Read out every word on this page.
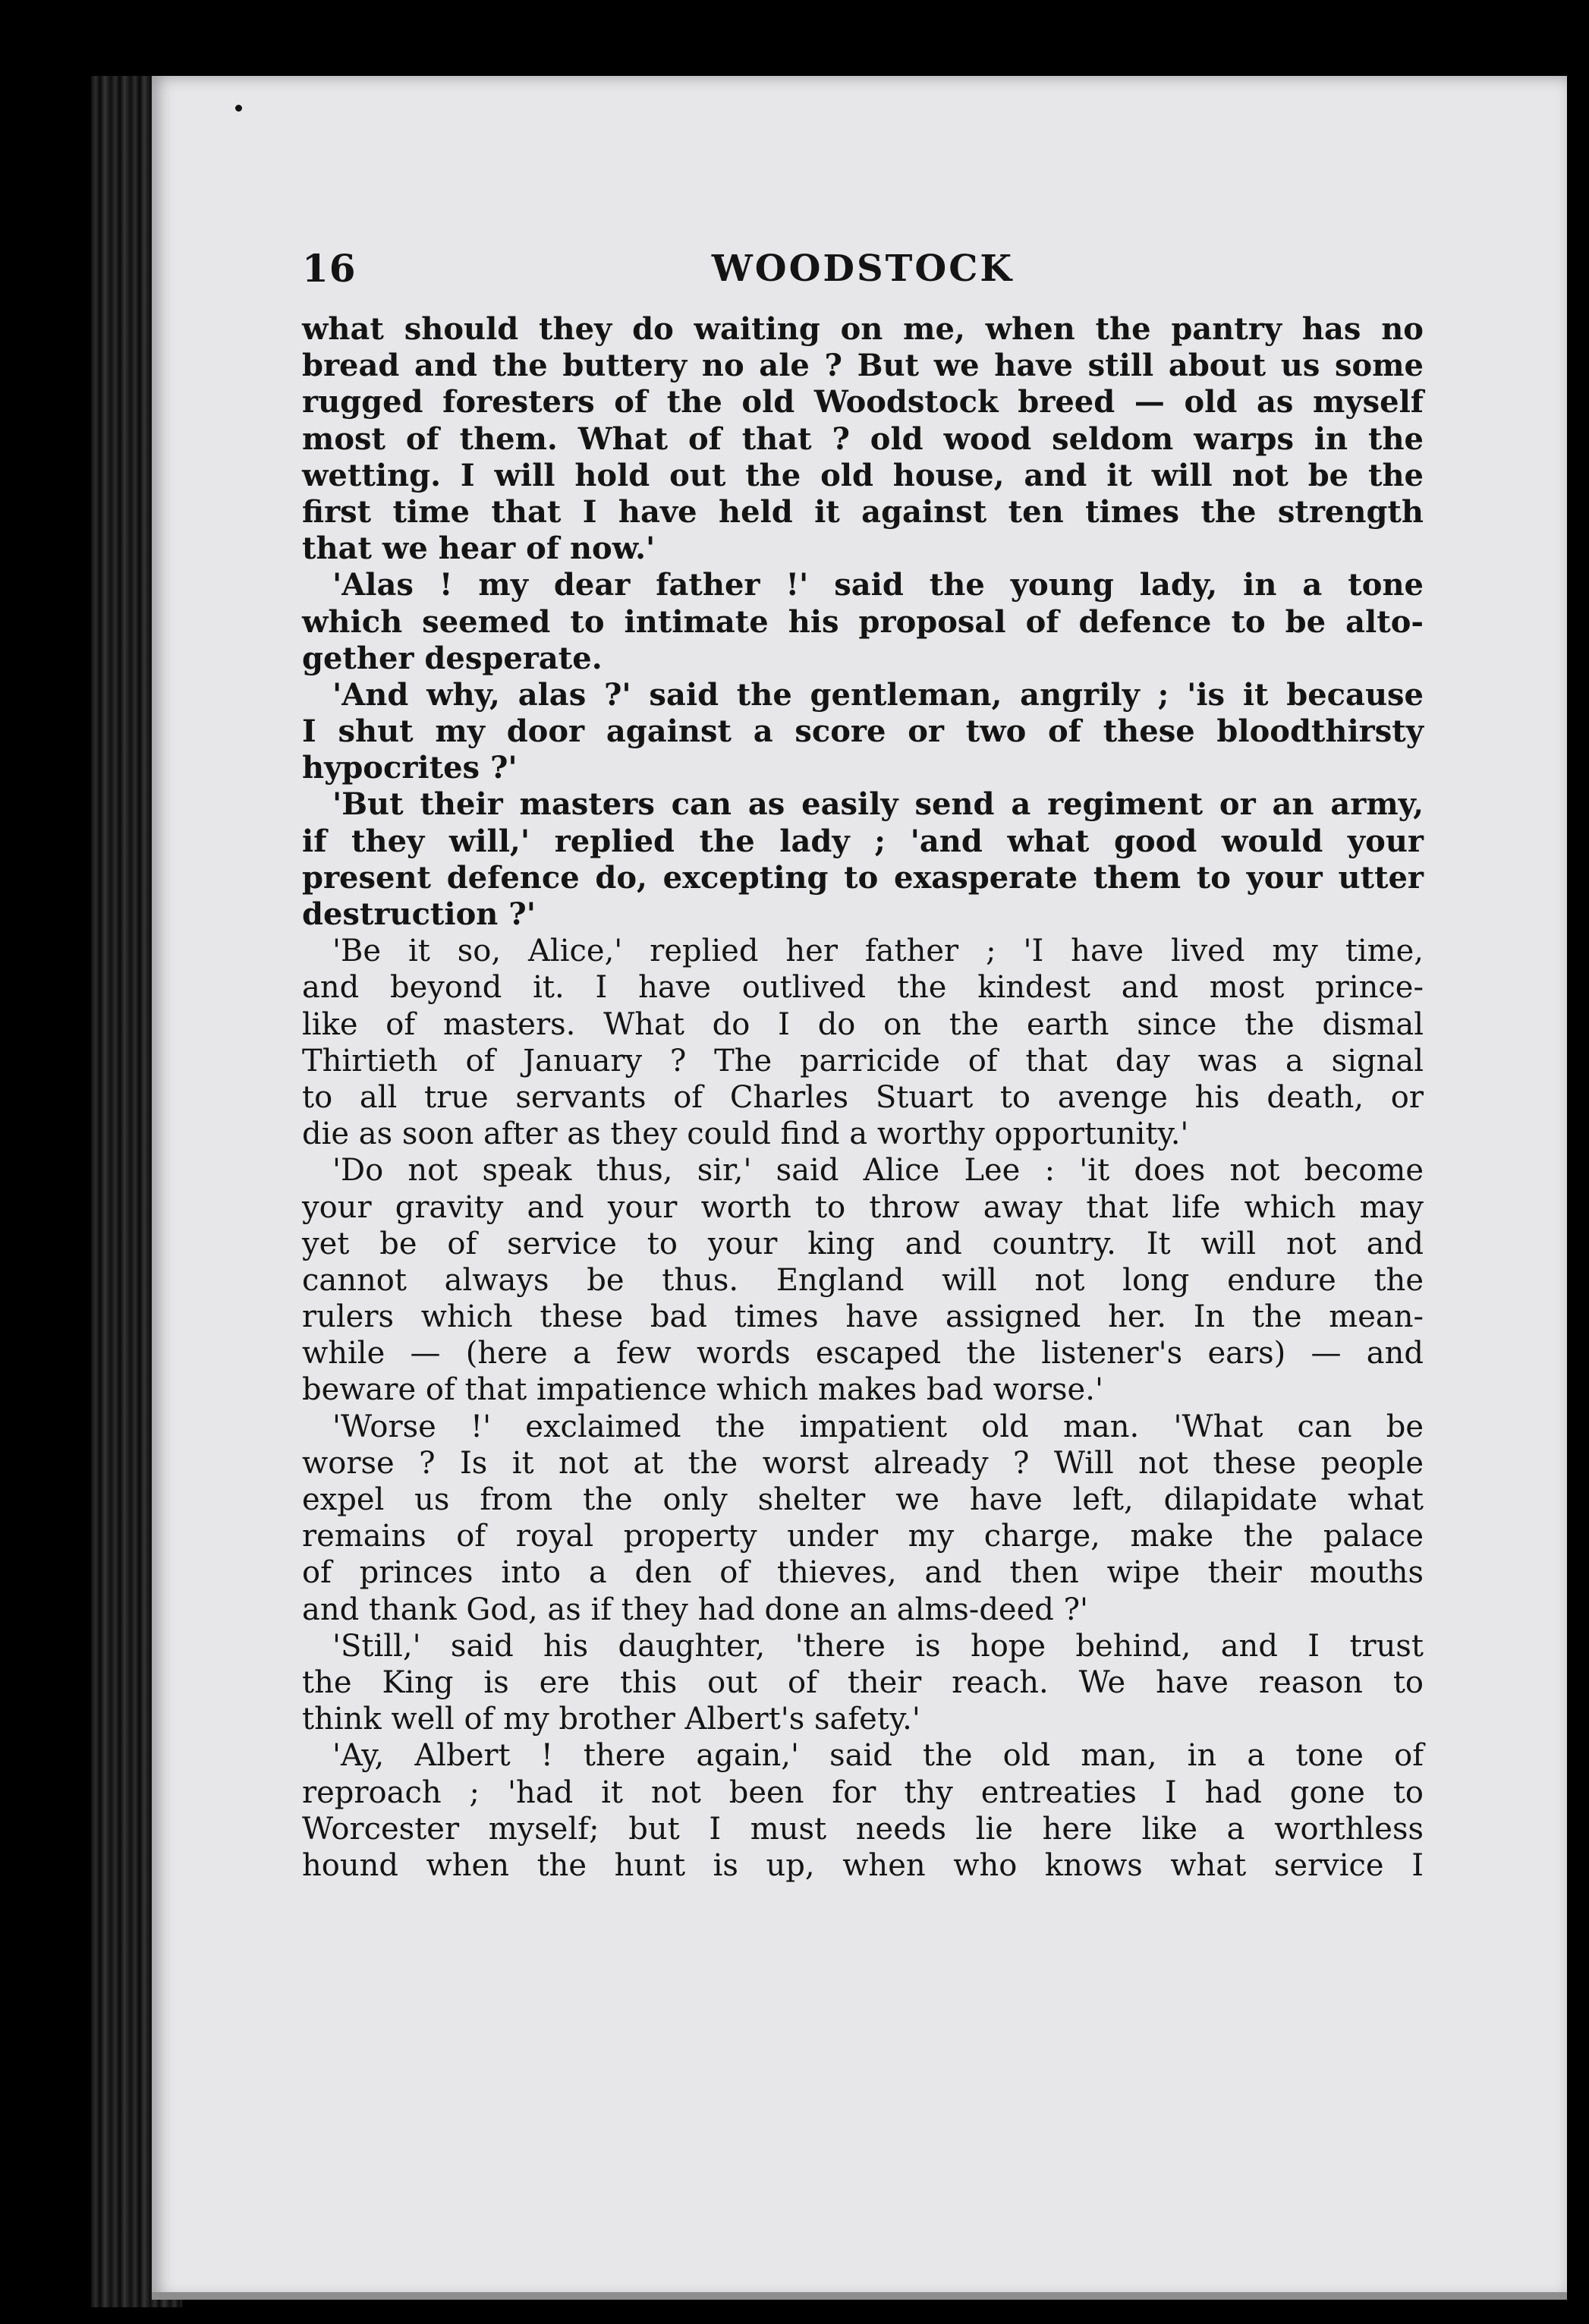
16	WOODSTOCK
what should they do waiting on me, when the pantry has no
bread and the buttery no ale ? But we have still about us some
rugged foresters of the old Woodstock breed — old as myself
most of them. What of that ? old wood seldom warps in the
wetting. I will hold out the old house, and it will not be the
first time that I have held it against ten times the strength
that we hear of now.'
'Alas ! my dear father !' said the young lady, in a tone
which seemed to intimate his proposal of defence to be alto-
gether desperate.
'And why, alas ?' said the gentleman, angrily ; 'is it because
I shut my door against a score or two of these bloodthirsty
hypocrites ?'
'But their masters can as easily send a regiment or an army,
if they will,' replied the lady ; 'and what good would your
present defence do, excepting to exasperate them to your utter
destruction ?'
'Be it so, Alice,' replied her father ; 'I have lived my time,
and beyond it. I have outlived the kindest and most prince-
like of masters. What do I do on the earth since the dismal
Thirtieth of January ? The parricide of that day was a signal
to all true servants of Charles Stuart to avenge his death, or
die as soon after as they could find a worthy opportunity.'
'Do not speak thus, sir,' said Alice Lee : 'it does not become
your gravity and your worth to throw away that life which may
yet be of service to your king and country. It will not and
cannot always be thus. England will not long endure the
rulers which these bad times have assigned her. In the mean-
while — (here a few words escaped the listener's ears) — and
beware of that impatience which makes bad worse.'
'Worse !' exclaimed the impatient old man. 'What can be
worse ? Is it not at the worst already ? Will not these people
expel us from the only shelter we have left, dilapidate what
remains of royal property under my charge, make the palace
of princes into a den of thieves, and then wipe their mouths
and thank God, as if they had done an alms-deed ?'
'Still,' said his daughter, 'there is hope behind, and I trust
the King is ere this out of their reach. We have reason to
think well of my brother Albert's safety.'
'Ay, Albert ! there again,' said the old man, in a tone of
reproach ; 'had it not been for thy entreaties I had gone to
Worcester myself; but I must needs lie here like a worthless
hound when the hunt is up, when who knows what service I
